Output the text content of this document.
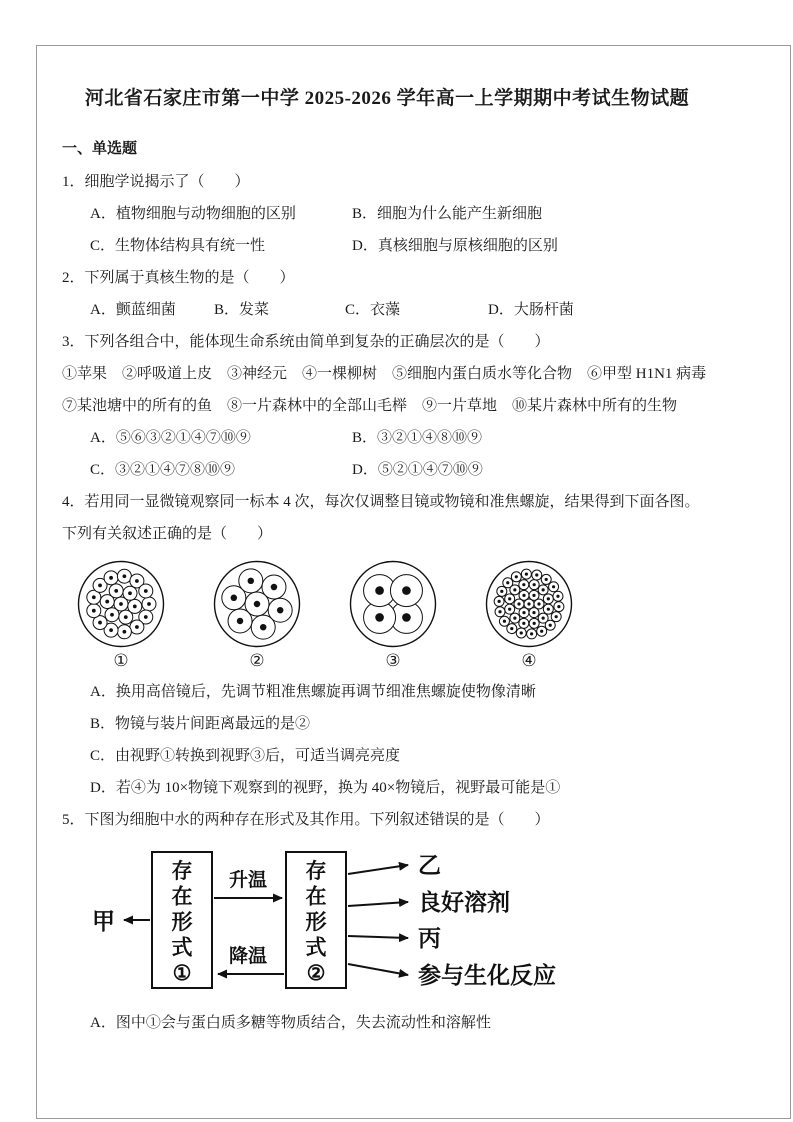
河北省石家庄市第一中学 2025-2026 学年高一上学期期中考试生物试题
一、单选题

1．细胞学说揭示了（　　）

A．植物细胞与动物细胞的区别	B．细胞为什么能产生新细胞
C．生物体结构具有统一性	D．真核细胞与原核细胞的区别

2．下列属于真核生物的是（　　）

A．颤蓝细菌	B．发菜	C．衣藻	D．大肠杆菌

3．下列各组合中，能体现生命系统由简单到复杂的正确层次的是（　　）

①苹果　②呼吸道上皮　③神经元　④一棵柳树　⑤细胞内蛋白质水等化合物　⑥甲型 H1N1 病毒　⑦某池塘中的所有的鱼　⑧一片森林中的全部山毛榉　⑨一片草地　⑩某片森林中所有的生物

A．⑤⑥③②①④⑦⑩⑨	B．③②①④⑧⑩⑨
C．③②①④⑦⑧⑩⑨	D．⑤②①④⑦⑩⑨

4．若用同一显微镜观察同一标本 4 次，每次仅调整目镜或物镜和准焦螺旋，结果得到下面各图。下列有关叙述正确的是（　　）

①	②	③	④
A．换用高倍镜后，先调节粗准焦螺旋再调节细准焦螺旋使物像清晰
B．物镜与装片间距离最远的是②
C．由视野①转换到视野③后，可适当调亮亮度
D．若④为 10×物镜下观察到的视野，换为 40×物镜后，视野最可能是①

5．下图为细胞中水的两种存在形式及其作用。下列叙述错误的是（　　）

甲
存在形式 ①
升温
降温
存在形式 ②
乙
良好溶剂
丙
参与生化反应
A．图中①会与蛋白质多糖等物质结合，失去流动性和溶解性
